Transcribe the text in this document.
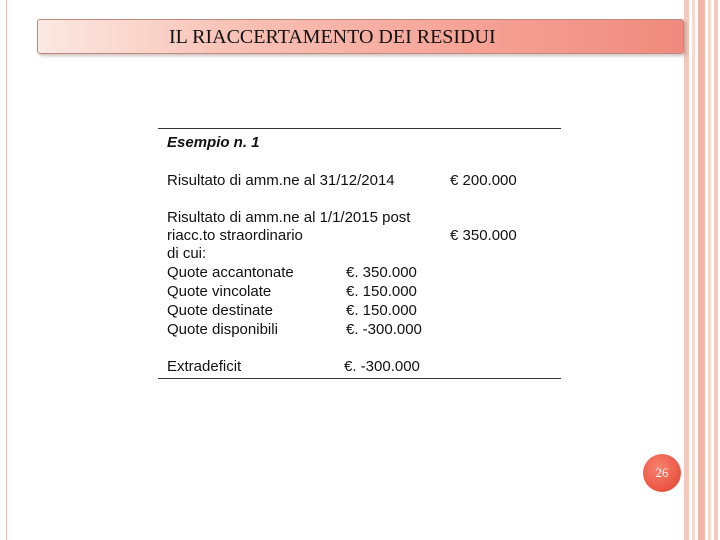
IL RIACCERTAMENTO DEI RESIDUI
Esempio n. 1
Risultato di amm.ne al 31/12/2014	€ 200.000
Risultato di amm.ne al 1/1/2015 post
riacc.to straordinario	€ 350.000
di cui:
Quote accantonate	€. 350.000
Quote vincolate	€. 150.000
Quote destinate	€. 150.000
Quote disponibili	€. -300.000
Extradeficit	€. -300.000
26
